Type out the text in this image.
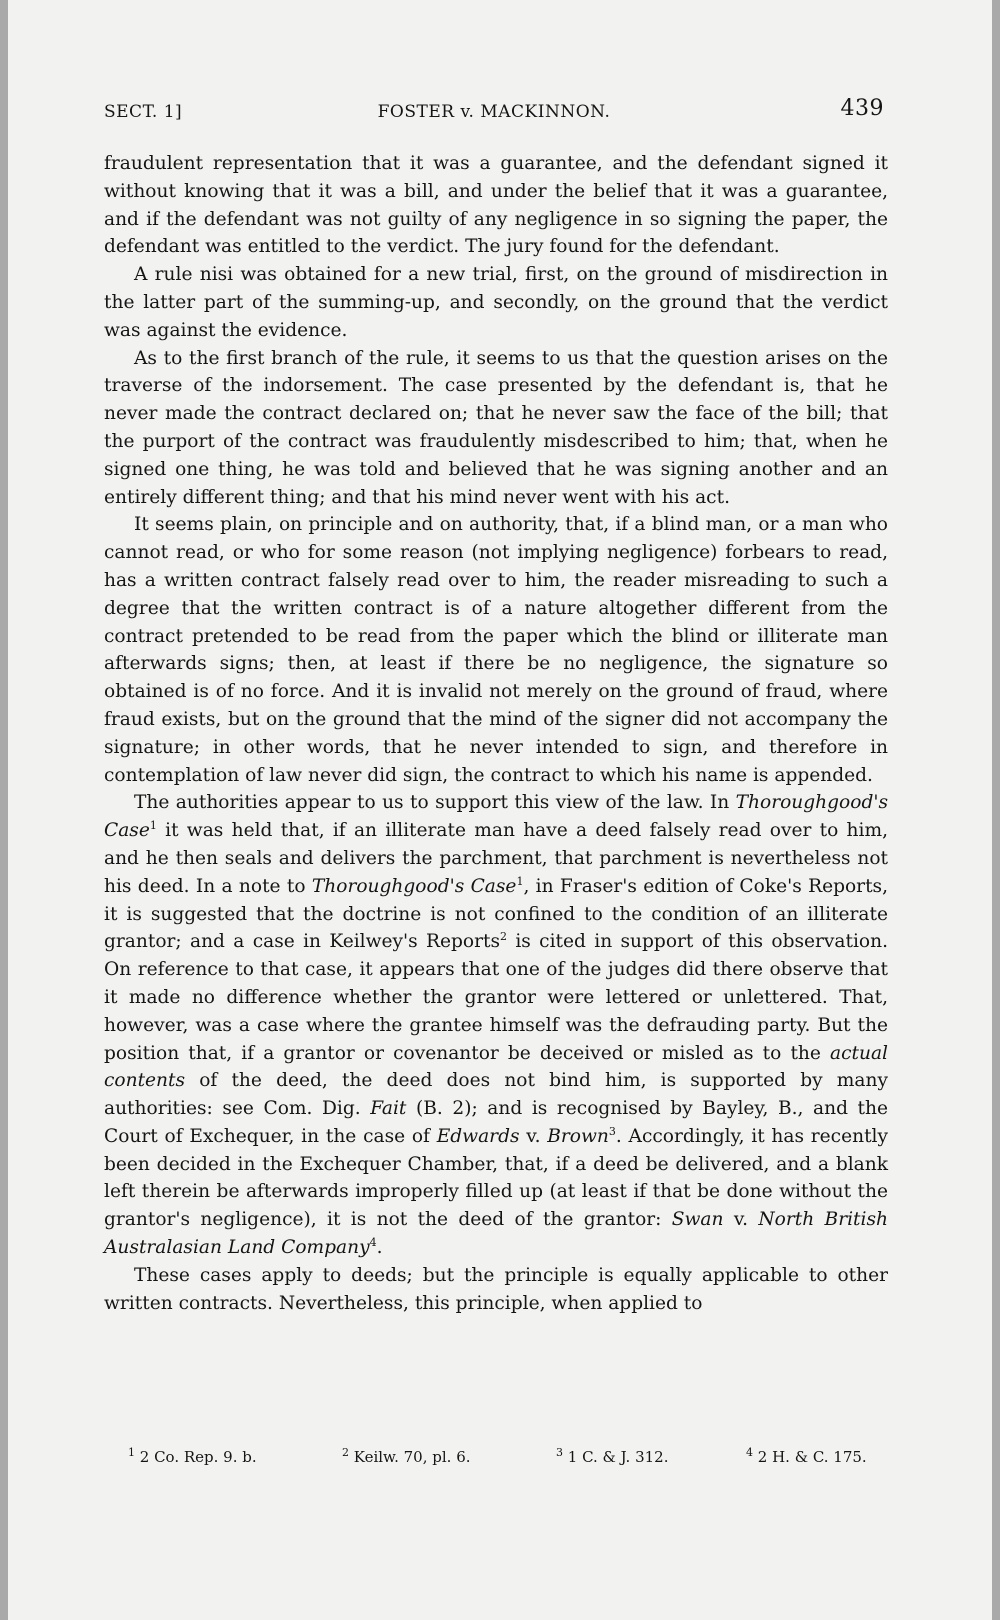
SECT. 1]	FOSTER v. MACKINNON.	439

fraudulent representation that it was a guarantee, and the defendant signed it without knowing that it was a bill, and under the belief that it was a guarantee, and if the defendant was not guilty of any negligence in so signing the paper, the defendant was entitled to the verdict. The jury found for the defendant.

A rule nisi was obtained for a new trial, first, on the ground of misdirection in the latter part of the summing-up, and secondly, on the ground that the verdict was against the evidence.

As to the first branch of the rule, it seems to us that the question arises on the traverse of the indorsement. The case presented by the defendant is, that he never made the contract declared on; that he never saw the face of the bill; that the purport of the contract was fraudulently misdescribed to him; that, when he signed one thing, he was told and believed that he was signing another and an entirely different thing; and that his mind never went with his act.

It seems plain, on principle and on authority, that, if a blind man, or a man who cannot read, or who for some reason (not implying negligence) forbears to read, has a written contract falsely read over to him, the reader misreading to such a degree that the written contract is of a nature altogether different from the contract pretended to be read from the paper which the blind or illiterate man afterwards signs; then, at least if there be no negligence, the signature so obtained is of no force. And it is invalid not merely on the ground of fraud, where fraud exists, but on the ground that the mind of the signer did not accompany the signature; in other words, that he never intended to sign, and therefore in contemplation of law never did sign, the contract to which his name is appended.

The authorities appear to us to support this view of the law. In Thoroughgood's Case$^1$ it was held that, if an illiterate man have a deed falsely read over to him, and he then seals and delivers the parchment, that parchment is nevertheless not his deed. In a note to Thoroughgood's Case$^1$, in Fraser's edition of Coke's Reports, it is suggested that the doctrine is not confined to the condition of an illiterate grantor; and a case in Keilwey's Reports$^2$ is cited in support of this observation. On reference to that case, it appears that one of the judges did there observe that it made no difference whether the grantor were lettered or unlettered. That, however, was a case where the grantee himself was the defrauding party. But the position that, if a grantor or covenantor be deceived or misled as to the actual contents of the deed, the deed does not bind him, is supported by many authorities: see Com. Dig. Fait (B. 2); and is recognised by Bayley, B., and the Court of Exchequer, in the case of Edwards v. Brown$^3$. Accordingly, it has recently been decided in the Exchequer Chamber, that, if a deed be delivered, and a blank left therein be afterwards improperly filled up (at least if that be done without the grantor's negligence), it is not the deed of the grantor: Swan v. North British Australasian Land Company$^4$.

These cases apply to deeds; but the principle is equally applicable to other written contracts. Nevertheless, this principle, when applied to

$^1$ 2 Co. Rep. 9. b.	$^2$ Keilw. 70, pl. 6.	$^3$ 1 C. & J. 312.	$^4$ 2 H. & C. 175.
